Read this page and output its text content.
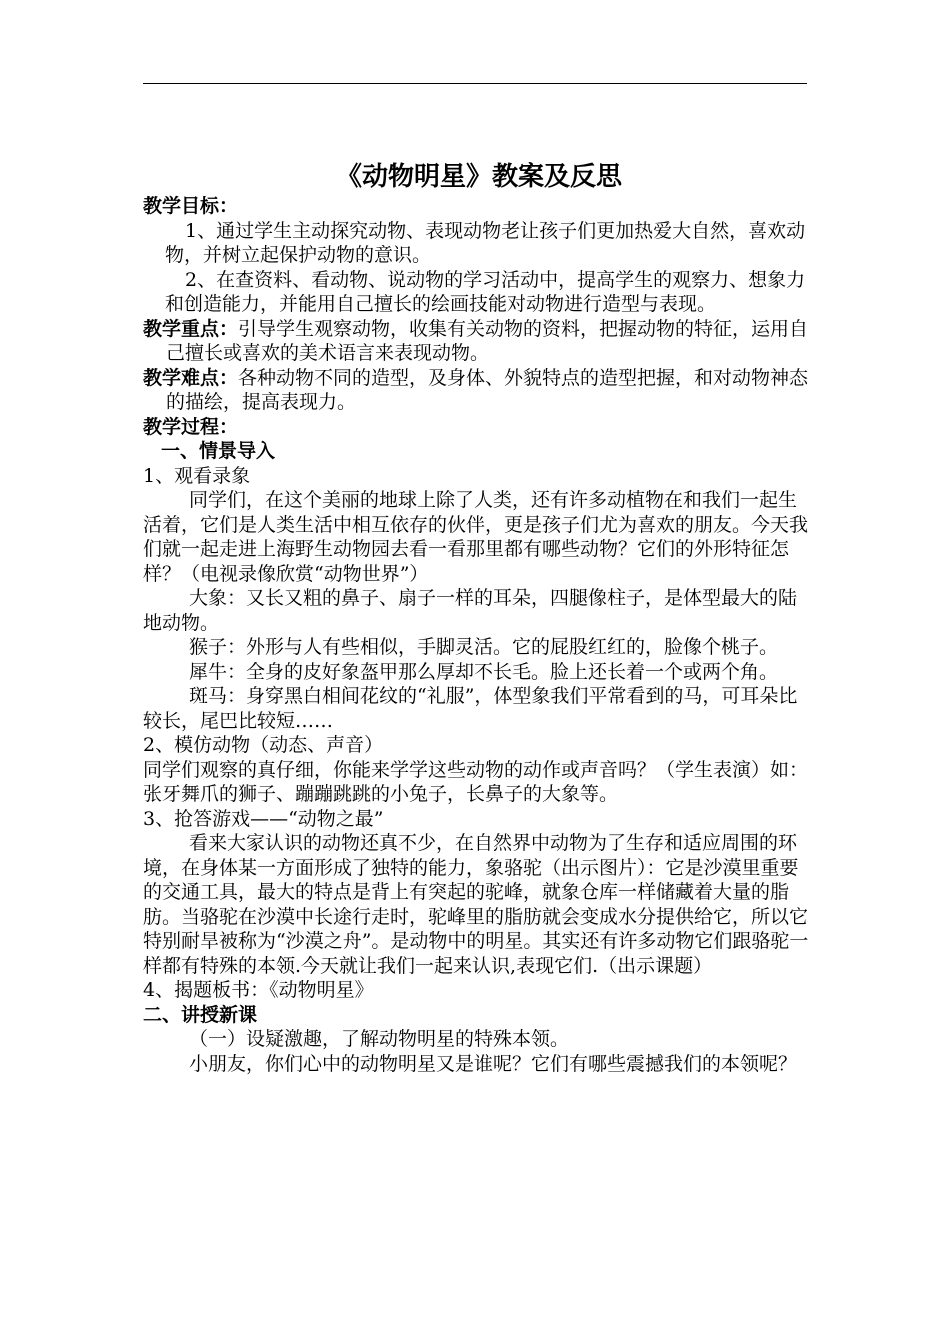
《动物明星》教案及反思

教学目标：

1、通过学生主动探究动物、表现动物老让孩子们更加热爱大自然，喜欢动物，并树立起保护动物的意识。

2、在查资料、看动物、说动物的学习活动中，提高学生的观察力、想象力和创造能力，并能用自己擅长的绘画技能对动物进行造型与表现。

教学重点：引导学生观察动物，收集有关动物的资料，把握动物的特征，运用自己擅长或喜欢的美术语言来表现动物。

教学难点：各种动物不同的造型，及身体、外貌特点的造型把握，和对动物神态的描绘，提高表现力。

教学过程：

一、情景导入

1、观看录象

同学们，在这个美丽的地球上除了人类，还有许多动植物在和我们一起生活着，它们是人类生活中相互依存的伙伴，更是孩子们尤为喜欢的朋友。今天我们就一起走进上海野生动物园去看一看那里都有哪些动物？它们的外形特征怎样？（电视录像欣赏“动物世界”）

大象：又长又粗的鼻子、扇子一样的耳朵，四腿像柱子，是体型最大的陆地动物。

猴子：外形与人有些相似，手脚灵活。它的屁股红红的，脸像个桃子。

犀牛：全身的皮好象盔甲那么厚却不长毛。脸上还长着一个或两个角。

斑马：身穿黑白相间花纹的“礼服”，体型象我们平常看到的马，可耳朵比较长，尾巴比较短……

2、模仿动物（动态、声音）

同学们观察的真仔细，你能来学学这些动物的动作或声音吗？（学生表演）如：张牙舞爪的狮子、蹦蹦跳跳的小兔子，长鼻子的大象等。

3、抢答游戏——“动物之最”

看来大家认识的动物还真不少，在自然界中动物为了生存和适应周围的环境，在身体某一方面形成了独特的能力，象骆驼（出示图片）：它是沙漠里重要的交通工具，最大的特点是背上有突起的驼峰，就象仓库一样储藏着大量的脂肪。当骆驼在沙漠中长途行走时，驼峰里的脂肪就会变成水分提供给它，所以它特别耐旱被称为“沙漠之舟”。是动物中的明星。其实还有许多动物它们跟骆驼一样都有特殊的本领.今天就让我们一起来认识,表现它们.（出示课题）

4、揭题板书：《动物明星》

二、讲授新课

（一）设疑激趣，了解动物明星的特殊本领。

小朋友，你们心中的动物明星又是谁呢？它们有哪些震撼我们的本领呢？
